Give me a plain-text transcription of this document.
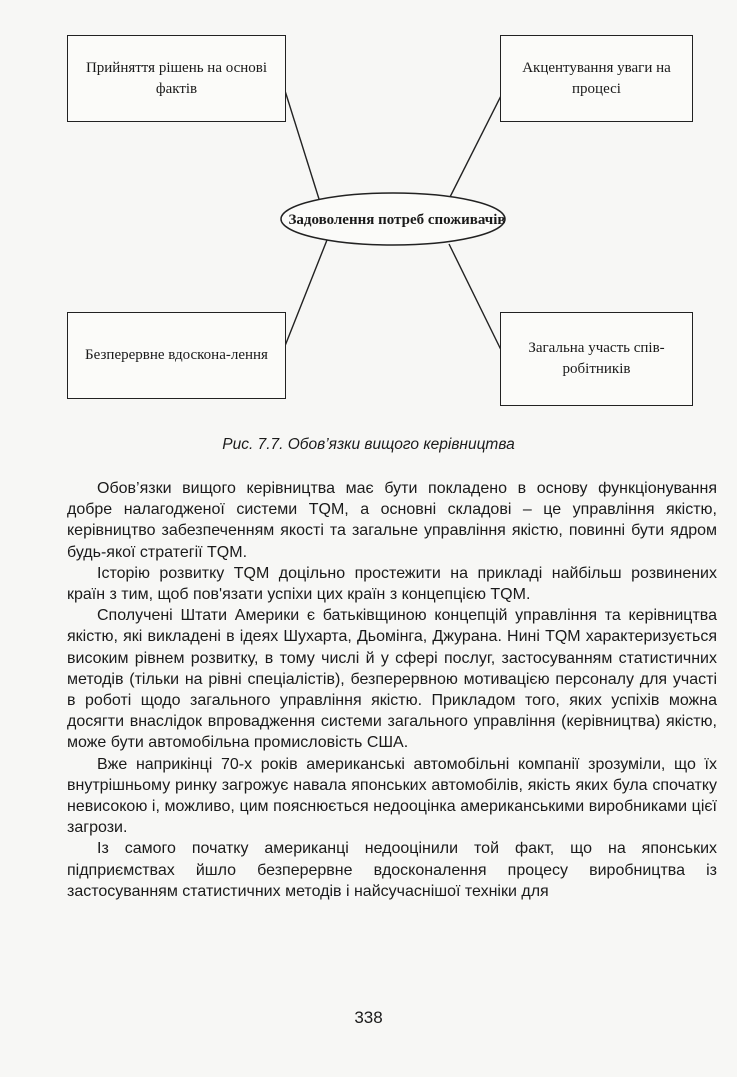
Задоволення потреб споживачів
Прийняття рішень на основі фактів
Акцентування уваги на процесі
Безперервне вдоскона-лення	Загальна участь спів-робітників
Рис. 7.7. Обов’язки вищого керівництва

Обов’язки вищого керівництва має бути покладено в основу функціонування добре налагодженої системи TQM, а основні складові – це управління якістю, керівництво забезпеченням якості та загальне управління якістю, повинні бути ядром будь-якої стратегії TQM.

Історію розвитку TQM доцільно простежити на прикладі найбільш розвинених країн з тим, щоб пов'язати успіхи цих країн з концепцією TQM.

Сполучені Штати Америки є батьківщиною концепцій управління та керівництва якістю, які викладені в ідеях Шухарта, Дьомінга, Джурана. Нині TQM характеризується високим рівнем розвитку, в тому числі й у сфері послуг, застосуванням статистичних методів (тільки на рівні спеціалістів), безперервною мотивацією персоналу для участі в роботі щодо загального управління якістю. Прикладом того, яких успіхів можна досягти внаслідок впровадження системи загального управління (керівництва) якістю, може бути автомобільна промисловість США.

Вже наприкінці 70-х років американські автомобільні компанії зрозуміли, що їх внутрішньому ринку загрожує навала японських автомобілів, якість яких була спочатку невисокою і, можливо, цим пояснюється недооцінка американськими виробниками цієї загрози.

Із самого початку американці недооцінили той факт, що на японських підприємствах йшло безперервне вдосконалення процесу виробництва із застосуванням статистичних методів і найсучаснішої техніки для

338
